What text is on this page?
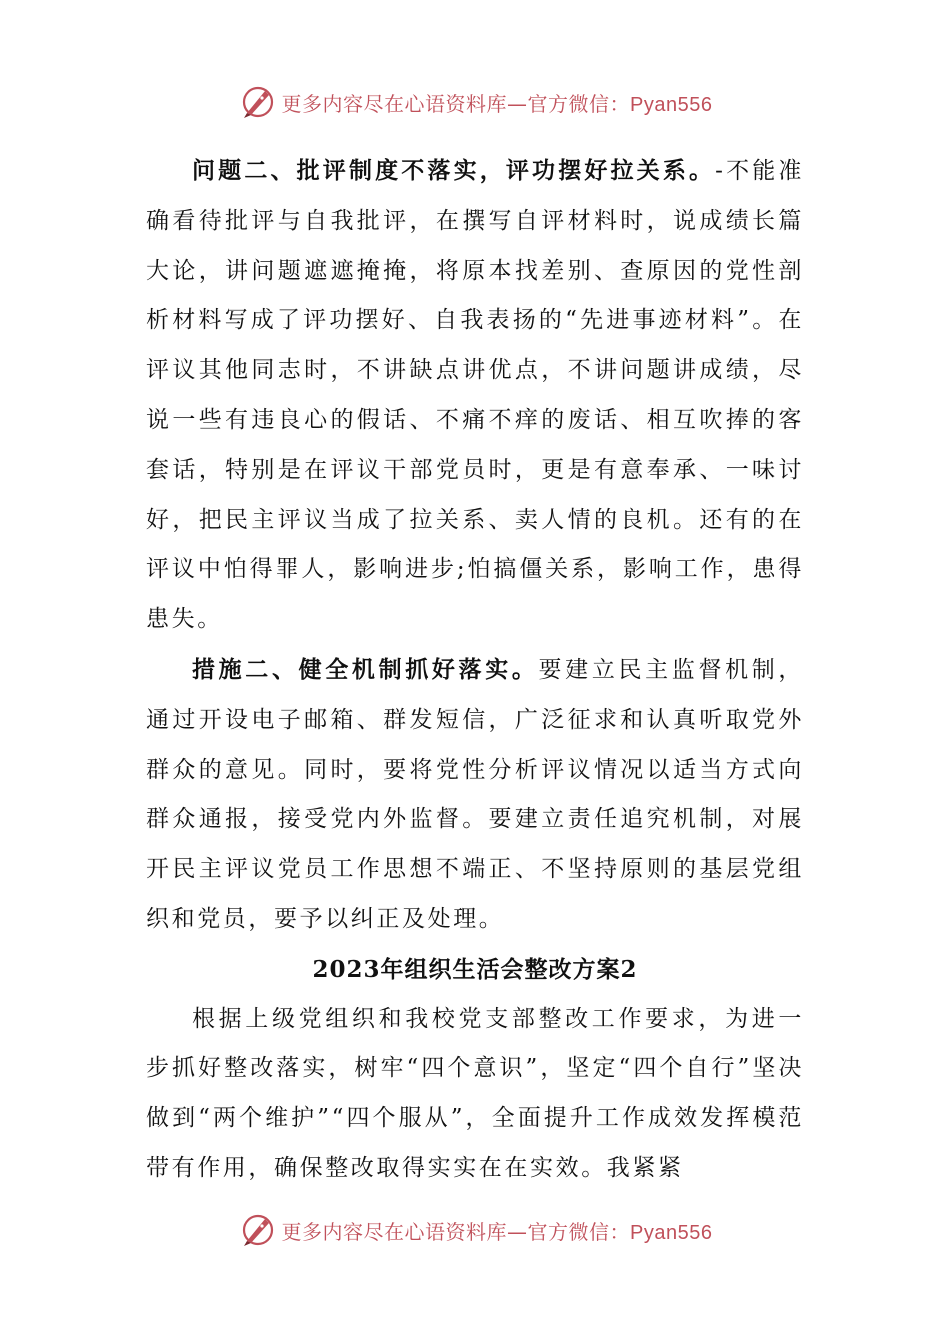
更多内容尽在心语资料库—官方微信：Pyan556

问题二、批评制度不落实，评功摆好拉关系。-不能准确看待批评与自我批评，在撰写自评材料时，说成绩长篇大论，讲问题遮遮掩掩，将原本找差别、查原因的党性剖析材料写成了评功摆好、自我表扬的“先进事迹材料”。在评议其他同志时，不讲缺点讲优点，不讲问题讲成绩，尽说一些有违良心的假话、不痛不痒的废话、相互吹捧的客套话，特别是在评议干部党员时，更是有意奉承、一味讨好，把民主评议当成了拉关系、卖人情的良机。还有的在评议中怕得罪人，影响进步;怕搞僵关系，影响工作，患得患失。

措施二、健全机制抓好落实。要建立民主监督机制，通过开设电子邮箱、群发短信，广泛征求和认真听取党外群众的意见。同时，要将党性分析评议情况以适当方式向群众通报，接受党内外监督。要建立责任追究机制，对展开民主评议党员工作思想不端正、不坚持原则的基层党组织和党员，要予以纠正及处理。

2023年组织生活会整改方案2

根据上级党组织和我校党支部整改工作要求，为进一步抓好整改落实，树牢“四个意识”，坚定“四个自行”坚决做到“两个维护”“四个服从”，全面提升工作成效发挥模范带有作用，确保整改取得实实在在实效。我紧紧

更多内容尽在心语资料库—官方微信：Pyan556
